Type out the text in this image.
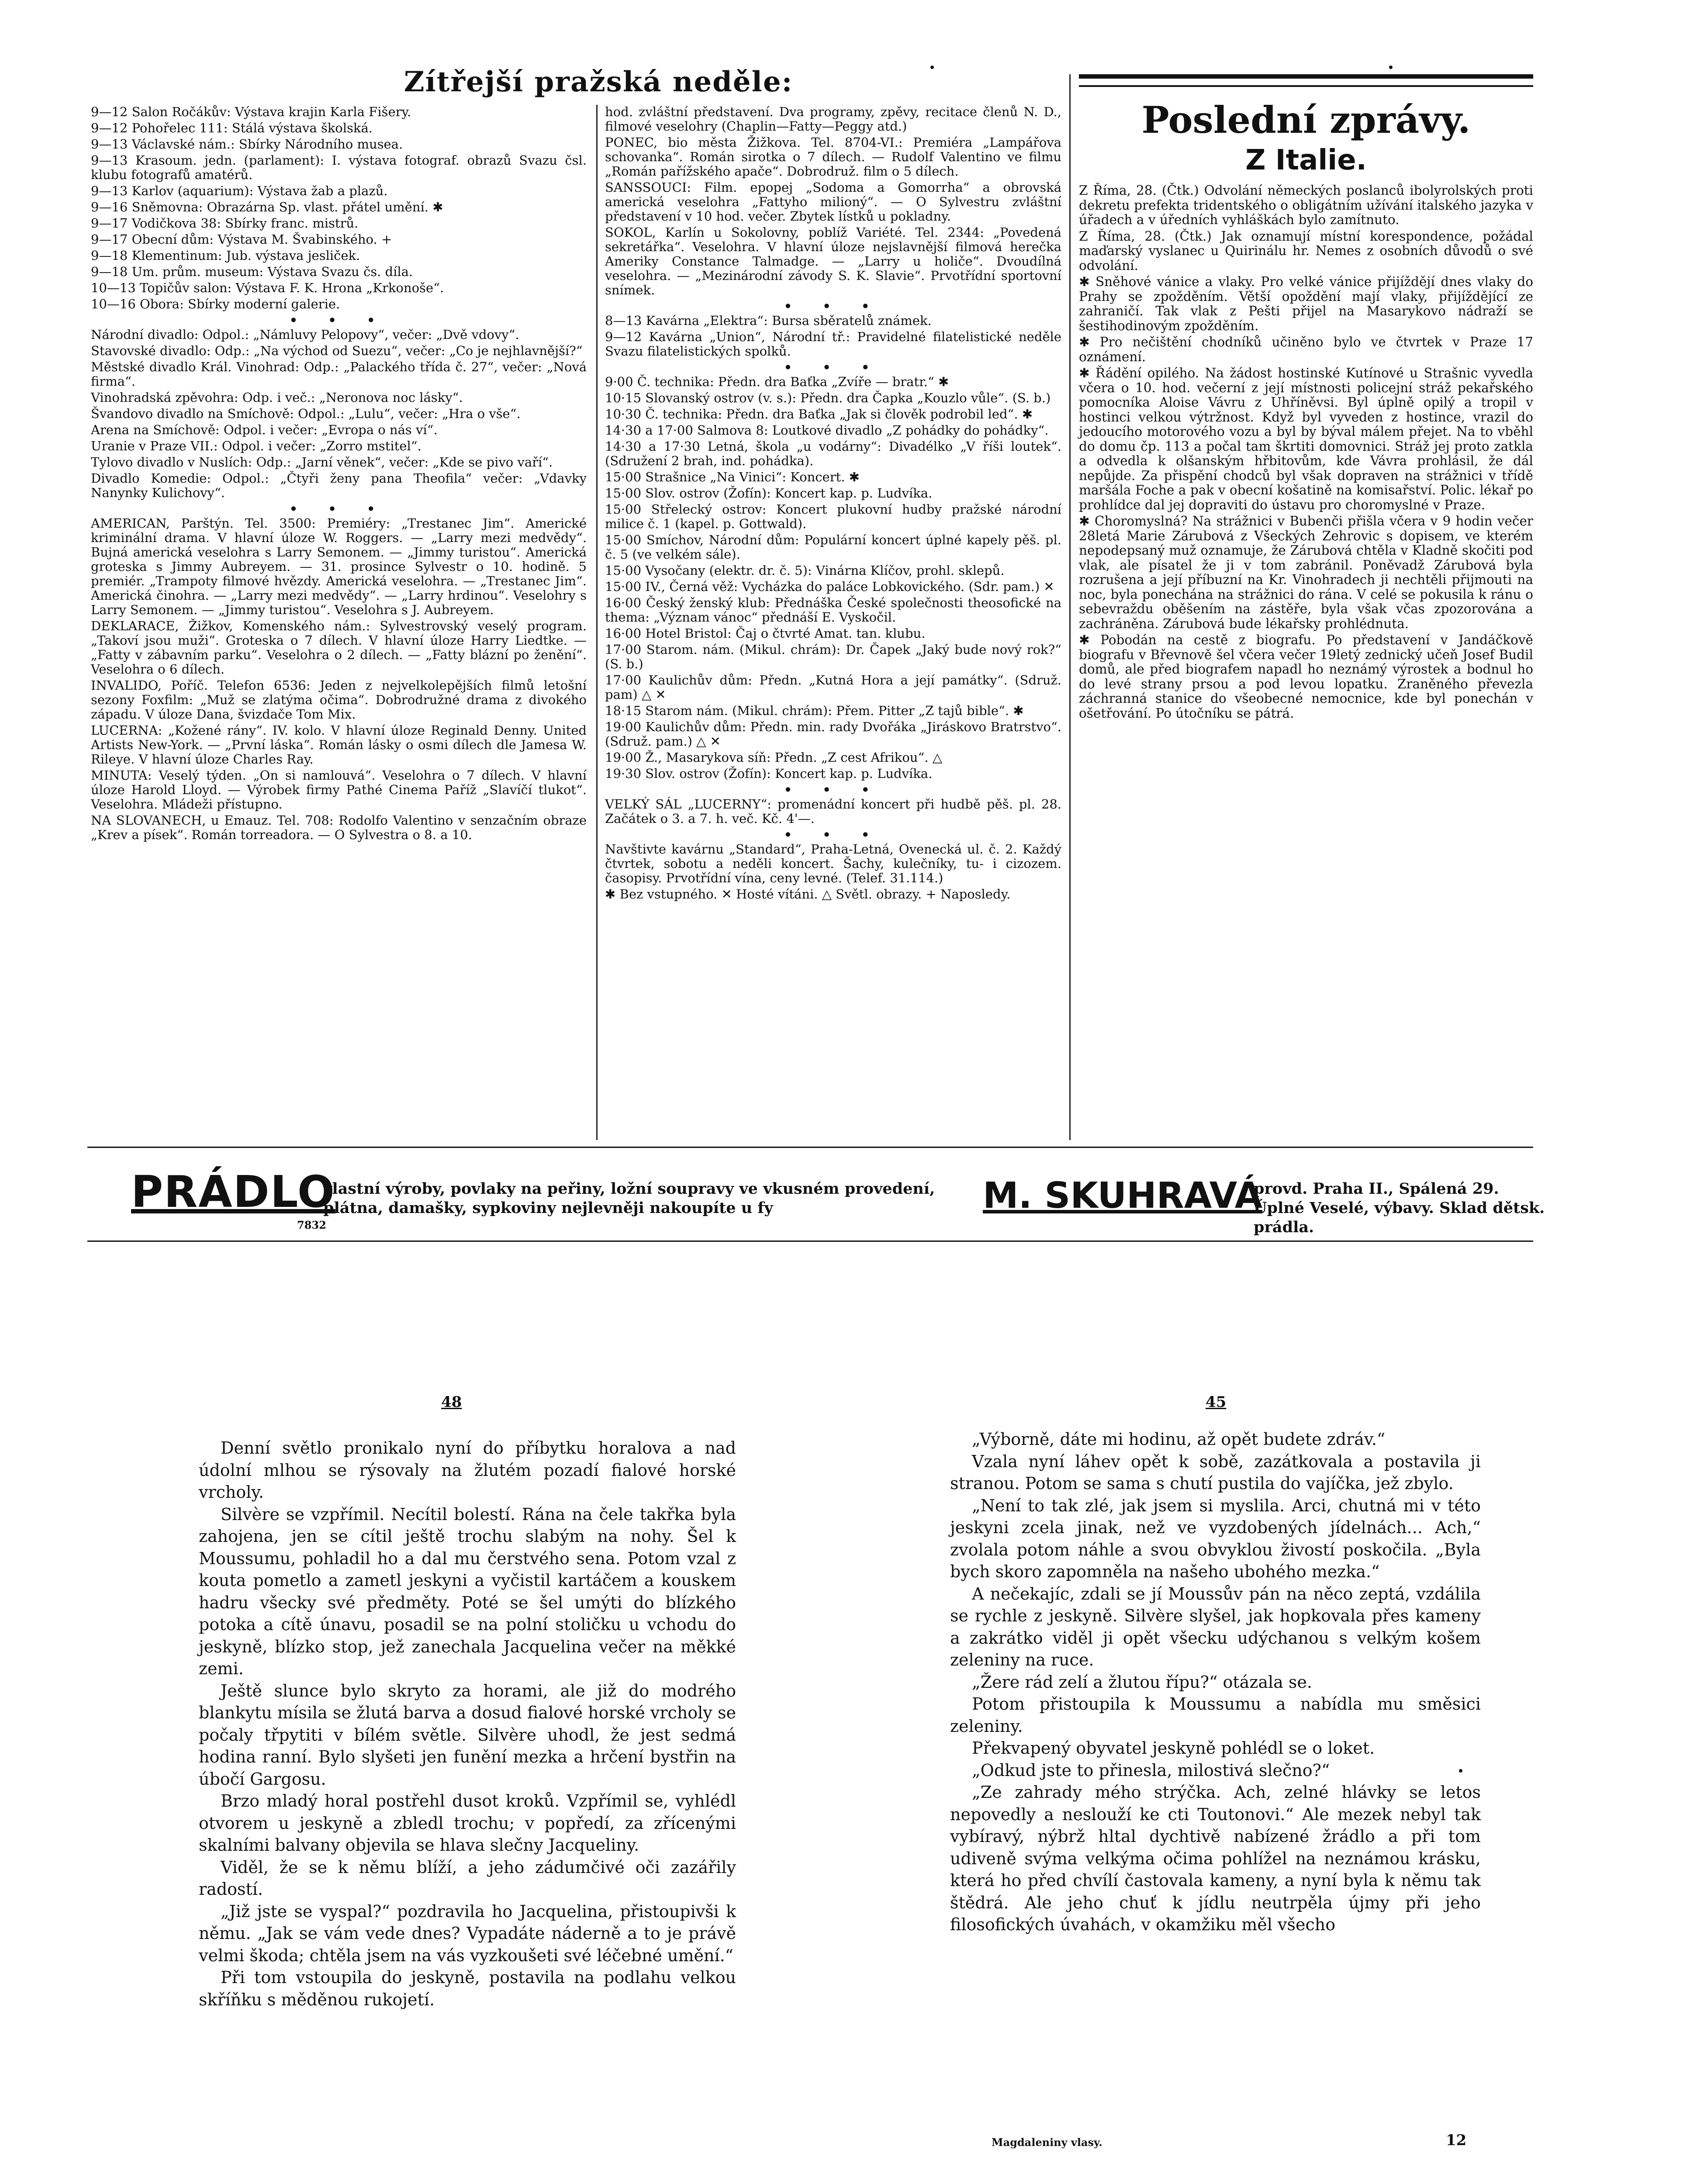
Zítřejší pražská neděle:
9—12 Salon Ročákův: Výstava krajin Karla Fišery.
9—12 Pohořelec 111: Stálá výstava školská.
9—13 Václavské nám.: Sbírky Národního musea.
9—13 Krasoum. jedn. (parlament): I. výstava fotograf. obrazů Svazu čsl. klubu fotografů amatérů.
9—13 Karlov (aquarium): Výstava žab a plazů.
9—16 Sněmovna: Obrazárna Sp. vlast. přátel umění. ✱
9—17 Vodičkova 38: Sbírky franc. mistrů.
9—17 Obecní dům: Výstava M. Švabinského. +
9—18 Klementinum: Jub. výstava jesliček.
9—18 Um. prům. museum: Výstava Svazu čs. díla.
10—13 Topičův salon: Výstava F. K. Hrona „Krkonoše“.
10—16 Obora: Sbírky moderní galerie.
• • •
Národní divadlo: Odpol.: „Námluvy Pelopovy“, večer: „Dvě vdovy“.
Stavovské divadlo: Odp.: „Na východ od Suezu“, večer: „Co je nejhlavnější?“
Městské divadlo Král. Vinohrad: Odp.: „Palackého třída č. 27“, večer: „Nová firma“.
Vinohradská zpěvohra: Odp. i več.: „Neronova noc lásky“.
Švandovo divadlo na Smíchově: Odpol.: „Lulu“, večer: „Hra o vše“.
Arena na Smíchově: Odpol. i večer: „Evropa o nás ví“.
Uranie v Praze VII.: Odpol. i večer: „Zorro mstitel“.
Tylovo divadlo v Nuslích: Odp.: „Jarní věnek“, večer: „Kde se pivo vaří“.
Divadlo Komedie: Odpol.: „Čtyři ženy pana Theofila“ večer: „Vdavky Nanynky Kulichovy“.
• • •
AMERICAN, Parštýn. Tel. 3500: Premiéry: „Trestanec Jim“. Americké kriminální drama. V hlavní úloze W. Roggers. — „Larry mezi medvědy“. Bujná americká veselohra s Larry Semonem. — „Jimmy turistou“. Americká groteska s Jimmy Aubreyem. — 31. prosince Sylvestr o 10. hodině. 5 premiér. „Trampoty filmové hvězdy. Americká veselohra. — „Trestanec Jim“. Americká činohra. — „Larry mezi medvědy“. — „Larry hrdinou“. Veselohry s Larry Semonem. — „Jimmy turistou“. Veselohra s J. Aubreyem.
DEKLARACE, Žižkov, Komenského nám.: Sylvestrovský veselý program. „Takoví jsou muži“. Groteska o 7 dílech. V hlavní úloze Harry Liedtke. — „Fatty v zábavním parku“. Veselohra o 2 dílech. — „Fatty blázní po ženění“. Veselohra o 6 dílech.
INVALIDO, Poříč. Telefon 6536: Jeden z nejvelkolepějších filmů letošní sezony Foxfilm: „Muž se zlatýma očima“. Dobrodružné drama z divokého západu. V úloze Dana, švizdače Tom Mix.
LUCERNA: „Kožené rány“. IV. kolo. V hlavní úloze Reginald Denny. United Artists New-York. — „První láska“. Román lásky o osmi dílech dle Jamesa W. Rileye. V hlavní úloze Charles Ray.
MINUTA: Veselý týden. „On si namlouvá“. Veselohra o 7 dílech. V hlavní úloze Harold Lloyd. — Výrobek firmy Pathé Cinema Paříž „Slavíčí tlukot“. Veselohra. Mládeži přístupno.
NA SLOVANECH, u Emauz. Tel. 708: Rodolfo Valentino v senzačním obraze „Krev a písek“. Román torreadora. — O Sylvestra o 8. a 10.
hod. zvláštní představení. Dva programy, zpěvy, recitace členů N. D., filmové veselohry (Chaplin—Fatty—Peggy atd.)
PONEC, bio města Žižkova. Tel. 8704-VI.: Premiéra „Lampářova schovanka“. Román sirotka o 7 dílech. — Rudolf Valentino ve filmu „Román pařížského apače“. Dobrodruž. film o 5 dílech.
SANSSOUCI: Film. epopej „Sodoma a Gomorrha“ a obrovská americká veselohra „Fattyho milioný“. — O Sylvestru zvláštní představení v 10 hod. večer. Zbytek lístků u pokladny.
SOKOL, Karlín u Sokolovny, poblíž Variété. Tel. 2344: „Povedená sekretářka“. Veselohra. V hlavní úloze nejslavnější filmová herečka Ameriky Constance Talmadge. — „Larry u holiče“. Dvoudílná veselohra. — „Mezinárodní závody S. K. Slavie“. Prvotřídní sportovní snímek.
• • •
8—13 Kavárna „Elektra“: Bursa sběratelů známek.
9—12 Kavárna „Union“, Národní tř.: Pravidelné filatelistické neděle Svazu filatelistických spolků.
• • •
9·00 Č. technika: Předn. dra Baťka „Zvíře — bratr.“ ✱
10·15 Slovanský ostrov (v. s.): Předn. dra Čapka „Kouzlo vůle“. (S. b.)
10·30 Č. technika: Předn. dra Baťka „Jak si člověk podrobil led“. ✱
14·30 a 17·00 Salmova 8: Loutkové divadlo „Z pohádky do pohádky“.
14·30 a 17·30 Letná, škola „u vodárny“: Divadélko „V říši loutek“. (Sdružení 2 brah, ind. pohádka).
15·00 Strašnice „Na Vinici“: Koncert. ✱
15·00 Slov. ostrov (Žofín): Koncert kap. p. Ludvíka.
15·00 Střelecký ostrov: Koncert plukovní hudby pražské národní milice č. 1 (kapel. p. Gottwald).
15·00 Smíchov, Národní dům: Populární koncert úplné kapely pěš. pl. č. 5 (ve velkém sále).
15·00 Vysočany (elektr. dr. č. 5): Vinárna Klíčov, prohl. sklepů.
15·00 IV., Černá věž: Vycházka do paláce Lobkovického. (Sdr. pam.) ✕
16·00 Český ženský klub: Přednáška České společnosti theosofické na thema: „Význam vánoc“ přednáší E. Vyskočil.
16·00 Hotel Bristol: Čaj o čtvrté Amat. tan. klubu.
17·00 Starom. nám. (Mikul. chrám): Dr. Čapek „Jaký bude nový rok?“ (S. b.)
17·00 Kaulichův dům: Předn. „Kutná Hora a její památky“. (Sdruž. pam) △ ✕
18·15 Starom nám. (Mikul. chrám): Přem. Pitter „Z tajů bible“. ✱
19·00 Kaulichův dům: Předn. min. rady Dvořáka „Jiráskovo Bratrstvo“. (Sdruž. pam.) △ ✕
19·00 Ž., Masarykova síň: Předn. „Z cest Afrikou“. △
19·30 Slov. ostrov (Žofín): Koncert kap. p. Ludvíka.
• • •
VELKÝ SÁL „LUCERNY“: promenádní koncert při hudbě pěš. pl. 28. Začátek o 3. a 7. h. več. Kč. 4'—.
• • •
Navštivte kavárnu „Standard“, Praha-Letná, Ovenecká ul. č. 2. Každý čtvrtek, sobotu a neděli koncert. Šachy, kulečníky, tu- i cizozem. časopisy. Prvotřídní vína, ceny levné. (Telef. 31.114.)
✱ Bez vstupného. ✕ Hosté vítáni. △ Světl. obrazy. + Naposledy.
Poslední zprávy.
Z Italie.
Z Říma, 28. (Čtk.) Odvolání německých poslanců ibolyrolských proti dekretu prefekta tridentského o obligátním užívání italského jazyka v úřadech a v úředních vyhláškách bylo zamítnuto.
Z Říma, 28. (Čtk.) Jak oznamují místní korespondence, požádal maďarský vyslanec u Quirinálu hr. Nemes z osobních důvodů o své odvolání.
✱ Sněhové vánice a vlaky. Pro velké vánice přijíždějí dnes vlaky do Prahy se zpožděním. Větší opoždění mají vlaky, přijíždějící ze zahraničí. Tak vlak z Pešti přijel na Masarykovo nádraží se šestihodinovým zpožděním.
✱ Pro nečištění chodníků učiněno bylo ve čtvrtek v Praze 17 oznámení.
✱ Řádění opilého. Na žádost hostinské Kutínové u Strašnic vyvedla včera o 10. hod. večerní z její místnosti policejní stráž pekařského pomocníka Aloise Vávru z Uhříněvsi. Byl úplně opilý a tropil v hostinci velkou výtržnost. Když byl vyveden z hostince, vrazil do jedoucího motorového vozu a byl by býval málem přejet. Na to vběhl do domu čp. 113 a počal tam škrtiti domovnici. Stráž jej proto zatkla a odvedla k olšanským hřbitovům, kde Vávra prohlásil, že dál nepůjde. Za přispění chodců byl však dopraven na strážnici v třídě maršála Foche a pak v obecní košatině na komisařství. Polic. lékař po prohlídce dal jej dopraviti do ústavu pro choromyslné v Praze.
✱ Choromyslná? Na strážnici v Bubenči přišla včera v 9 hodin večer 28letá Marie Zárubová z Všeckých Zehrovic s dopisem, ve kterém nepodepsaný muž oznamuje, že Zárubová chtěla v Kladně skočiti pod vlak, ale písatel že ji v tom zabránil. Poněvadž Zárubová byla rozrušena a její příbuzní na Kr. Vinohradech ji nechtěli přijmouti na noc, byla ponechána na strážnici do rána. V celé se pokusila k ránu o sebevraždu oběšením na zástěře, byla však včas zpozorována a zachráněna. Zárubová bude lékařsky prohlédnuta.
✱ Pobodán na cestě z biografu. Po představení v Jandáčkově biografu v Břevnově šel včera večer 19letý zednický učeň Josef Budil domů, ale před biografem napadl ho neznámý výrostek a bodnul ho do levé strany prsou a pod levou lopatku. Zraněného převezla záchranná stanice do všeobecné nemocnice, kde byl ponechán v ošetřování. Po útočníku se pátrá.
PRÁDLO
vlastní výroby, povlaky na peřiny, ložní soupravy ve vkusném provedení, plátna, damašky, sypkoviny nejlevněji nakoupíte u fy
7832
M. SKUHRAVÁ
provd. Praha II., Spálená 29. Úplné Veselé, výbavy. Sklad dětsk. prádla.
48	45

Denní světlo pronikalo nyní do příbytku horalova a nad údolní mlhou se rýsovaly na žlutém pozadí fialové horské vrcholy.

Silvère se vzpřímil. Necítil bolestí. Rána na čele takřka byla zahojena, jen se cítil ještě trochu slabým na nohy. Šel k Moussumu, pohladil ho a dal mu čerstvého sena. Potom vzal z kouta pometlo a zametl jeskyni a vyčistil kartáčem a kouskem hadru všecky své předměty. Poté se šel umýti do blízkého potoka a cítě únavu, posadil se na polní stoličku u vchodu do jeskyně, blízko stop, jež zanechala Jacquelina večer na měkké zemi.

Ještě slunce bylo skryto za horami, ale již do modrého blankytu mísila se žlutá barva a dosud fialové horské vrcholy se počaly třpytiti v bílém světle. Silvère uhodl, že jest sedmá hodina ranní. Bylo slyšeti jen funění mezka a hrčení bystřin na úbočí Gargosu.

Brzo mladý horal postřehl dusot kroků. Vzpřímil se, vyhlédl otvorem u jeskyně a zbledl trochu; v popředí, za zřícenými skalními balvany objevila se hlava slečny Jacqueliny.

Viděl, že se k němu blíží, a jeho zádumčivé oči zazářily radostí.

„Již jste se vyspal?“ pozdravila ho Jacquelina, přistoupivši k němu. „Jak se vám vede dnes? Vypadáte náderně a to je právě velmi škoda; chtěla jsem na vás vyzkoušeti své léčebné umění.“

Při tom vstoupila do jeskyně, postavila na podlahu velkou skříňku s měděnou rukojetí.

„Výborně, dáte mi hodinu, až opět budete zdráv.“

Vzala nyní láhev opět k sobě, zazátkovala a postavila ji stranou. Potom se sama s chutí pustila do vajíčka, jež zbylo.

„Není to tak zlé, jak jsem si myslila. Arci, chutná mi v této jeskyni zcela jinak, než ve vyzdobených jídelnách... Ach,“ zvolala potom náhle a svou obvyklou živostí poskočila. „Byla bych skoro zapomněla na našeho ubohého mezka.“

A nečekajíc, zdali se jí Moussův pán na něco zeptá, vzdálila se rychle z jeskyně. Silvère slyšel, jak hopkovala přes kameny a zakrátko viděl ji opět všecku udýchanou s velkým košem zeleniny na ruce.

„Žere rád zelí a žlutou řípu?“ otázala se.

Potom přistoupila k Moussumu a nabídla mu směsici zeleniny.

Překvapený obyvatel jeskyně pohlédl se o loket.

„Odkud jste to přinesla, milostivá slečno?“

„Ze zahrady mého strýčka. Ach, zelné hlávky se letos nepovedly a neslouží ke cti Toutonovi.“ Ale mezek nebyl tak vybíravý, nýbrž hltal dychtivě nabízené žrádlo a při tom udiveně svýma velkýma očima pohlížel na neznámou krásku, která ho před chvílí častovala kameny, a nyní byla k němu tak štědrá. Ale jeho chuť k jídlu neutrpěla újmy při jeho filosofických úvahách, v okamžiku měl všecho

Magdaleniny vlasy.	12
